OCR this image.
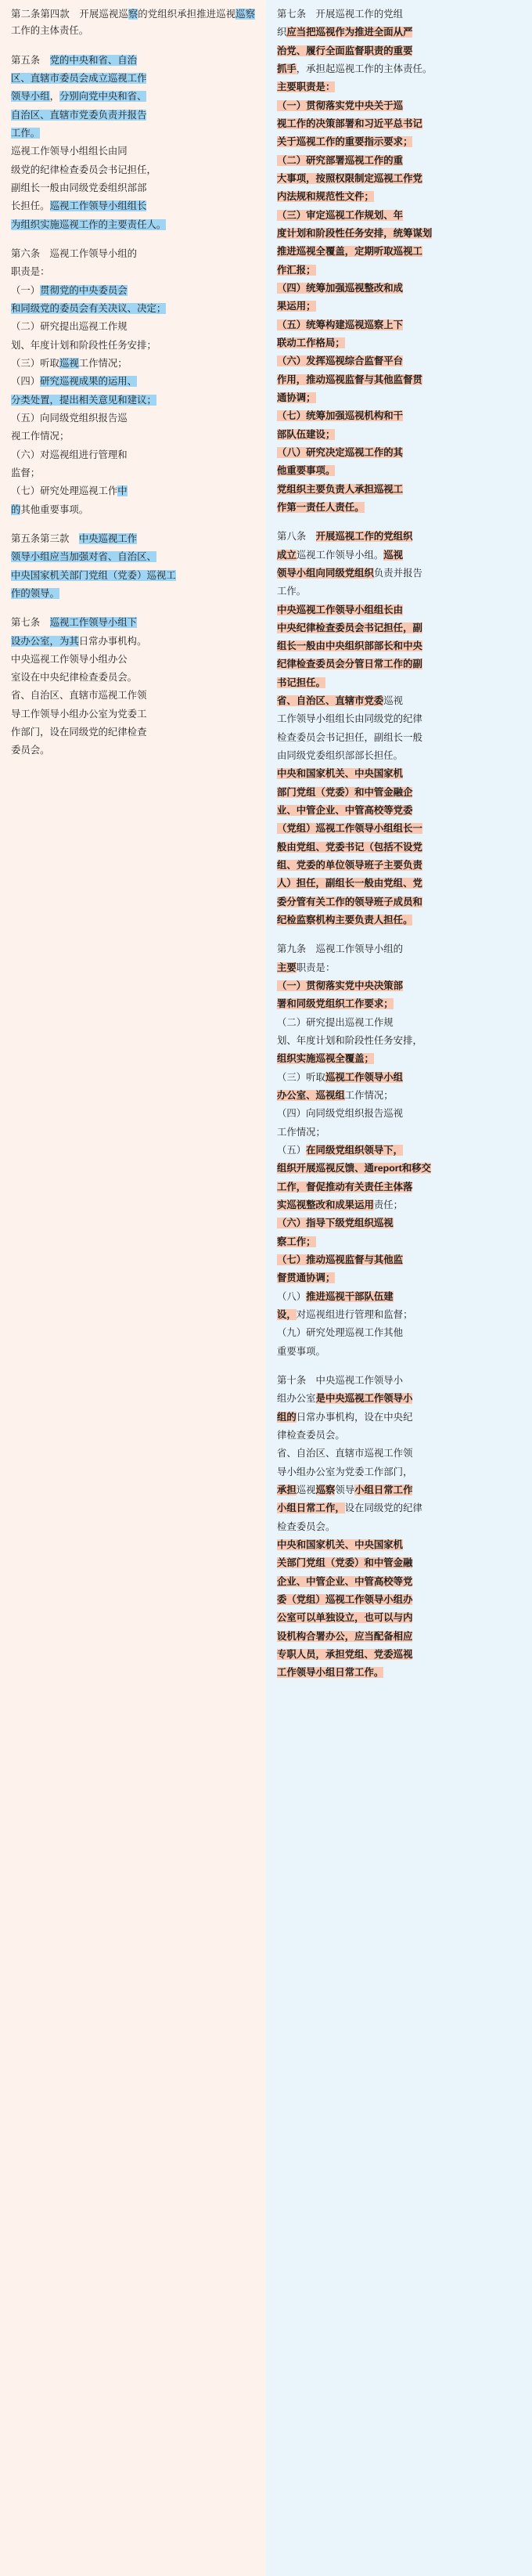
第二条第四款　开展巡视巡察的党组织承担推进巡视巡察工作的主体责任。
第五条　党的中央和省、自治
区、直辖市委员会成立巡视工作
领导小组，分别向党中央和省、
自治区、直辖市党委负责并报告
工作。
巡视工作领导小组组长由同
级党的纪律检查委员会书记担任，
副组长一般由同级党委组织部部
长担任。巡视工作领导小组组长
为组织实施巡视工作的主要责任人。
第六条　巡视工作领导小组的
职责是：
（一）贯彻党的中央委员会
和同级党的委员会有关决议、决定；
（二）研究提出巡视工作规
划、年度计划和阶段性任务安排；
（三）听取巡视工作情况；
（四）研究巡视成果的运用、
分类处置，提出相关意见和建议；
（五）向同级党组织报告巡
视工作情况；
（六）对巡视组进行管理和
监督；
（七）研究处理巡视工作中
的其他重要事项。
第五条第三款　中央巡视工作
领导小组应当加强对省、自治区、
中央国家机关部门党组（党委）巡视工
作的领导。
第七条　巡视工作领导小组下
设办公室，为其日常办事机构。
中央巡视工作领导小组办公
室设在中央纪律检查委员会。
省、自治区、直辖市巡视工作领
导工作领导小组办公室为党委工
作部门，设在同级党的纪律检查
委员会。
第七条　开展巡视工作的党组
织应当把巡视作为推进全面从严
治党、履行全面监督职责的重要
抓手，承担起巡视工作的主体责任。
主要职责是：
（一）贯彻落实党中央关于巡
视工作的决策部署和习近平总书记
关于巡视工作的重要指示要求；
（二）研究部署巡视工作的重
大事项，按照权限制定巡视工作党
内法规和规范性文件；
（三）审定巡视工作规划、年
度计划和阶段性任务安排，统筹谋划
推进巡视全覆盖，定期听取巡视工
作汇报；
（四）统筹加强巡视整改和成
果运用；
（五）统筹构建巡视巡察上下
联动工作格局；
（六）发挥巡视综合监督平台
作用，推动巡视监督与其他监督贯
通协调；
（七）统筹加强巡视机构和干
部队伍建设；
（八）研究决定巡视工作的其
他重要事项。
党组织主要负责人承担巡视工
作第一责任人责任。
第八条　开展巡视工作的党组织
成立巡视工作领导小组。巡视
领导小组向同级党组织负责并报告
工作。
中央巡视工作领导小组组长由
中央纪律检查委员会书记担任，副
组长一般由中央组织部部长和中央
纪律检查委员会分管日常工作的副
书记担任。
省、自治区、直辖市党委巡视
工作领导小组组长由同级党的纪律
检查委员会书记担任，副组长一般
由同级党委组织部部长担任。
中央和国家机关、中央国家机
部门党组（党委）和中管金融企
业、中管企业、中管高校等党委
（党组）巡视工作领导小组组长一
般由党组、党委书记（包括不设党
组、党委的单位领导班子主要负责
人）担任，副组长一般由党组、党
委分管有关工作的领导班子成员和
纪检监察机构主要负责人担任。
第九条　巡视工作领导小组的
主要职责是：
（一）贯彻落实党中央决策部
署和同级党组织工作要求；
（二）研究提出巡视工作规
划、年度计划和阶段性任务安排，
组织实施巡视全覆盖；
（三）听取巡视工作领导小组
办公室、巡视组工作情况；
（四）向同级党组织报告巡视
工作情况；
（五）在同级党组织领导下，
组织开展巡视反馈、通report和移交
工作，督促推动有关责任主体落
实巡视整改和成果运用责任；
（六）指导下级党组织巡视
察工作；
（七）推动巡视监督与其他监
督贯通协调；
（八）推进巡视干部队伍建
设，对巡视组进行管理和监督；
（九）研究处理巡视工作其他
重要事项。
第十条　中央巡视工作领导小
组办公室是中央巡视工作领导小
组的日常办事机构，设在中央纪
律检查委员会。
省、自治区、直辖市巡视工作领
导小组办公室为党委工作部门，
承担巡视巡察领导小组日常工作
小组日常工作，设在同级党的纪律
检查委员会。
中央和国家机关、中央国家机
关部门党组（党委）和中管金融
企业、中管企业、中管高校等党
委（党组）巡视工作领导小组办
公室可以单独设立，也可以与内
设机构合署办公，应当配备相应
专职人员，承担党组、党委巡视
工作领导小组日常工作。
